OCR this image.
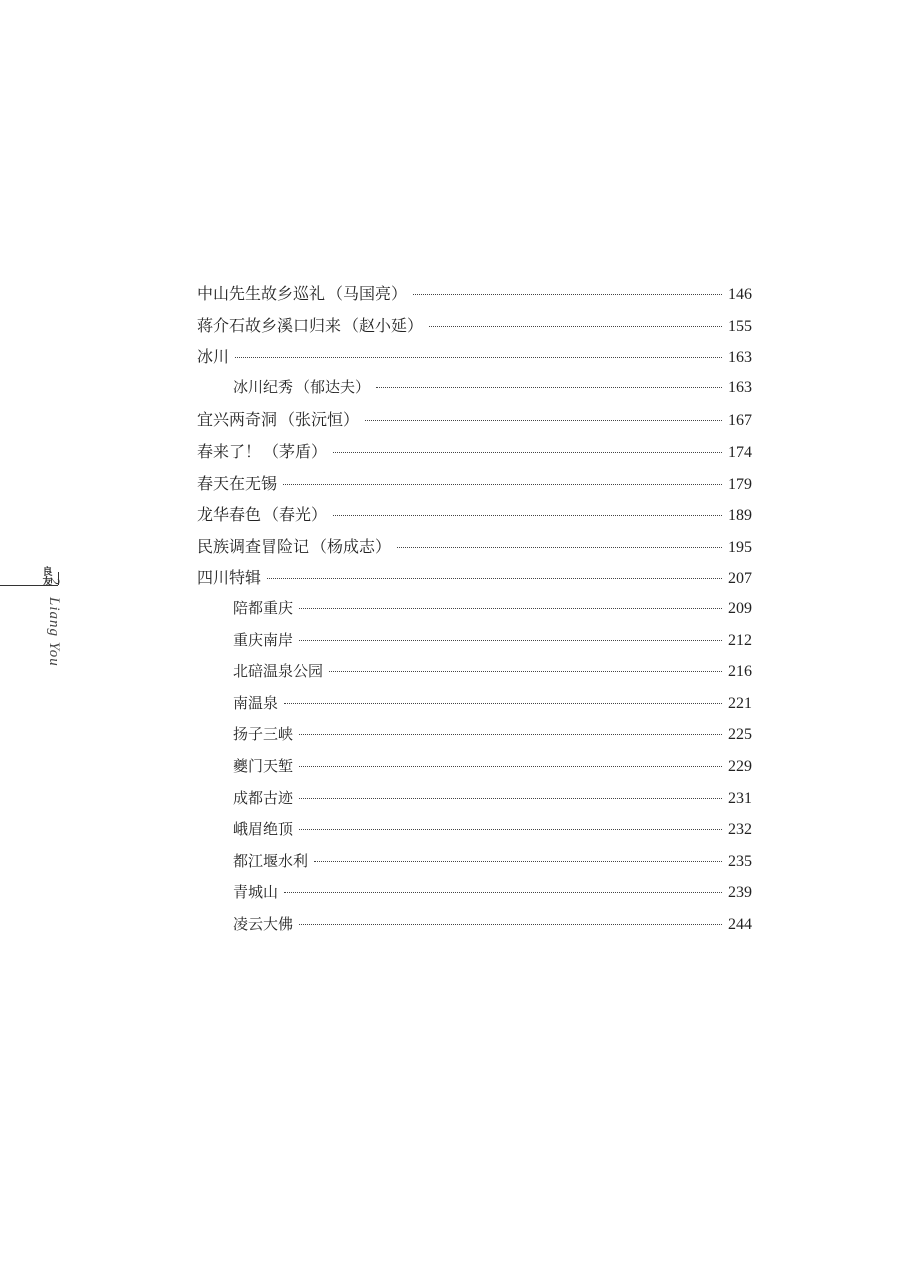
良友
2
Liang You
中山先生故乡巡礼 （马国亮）	146
蒋介石故乡溪口归来 （赵小延）	155
冰川	163
冰川纪秀 （郁达夫）	163
宜兴两奇洞 （张沅恒）	167
春来了！ （茅盾）	174
春天在无锡	179
龙华春色 （春光）	189
民族调查冒险记 （杨成志）	195
四川特辑	207
陪都重庆	209
重庆南岸	212
北碚温泉公园	216
南温泉	221
扬子三峡	225
夔门天堑	229
成都古迹	231
峨眉绝顶	232
都江堰水利	235
青城山	239
凌云大佛	244
